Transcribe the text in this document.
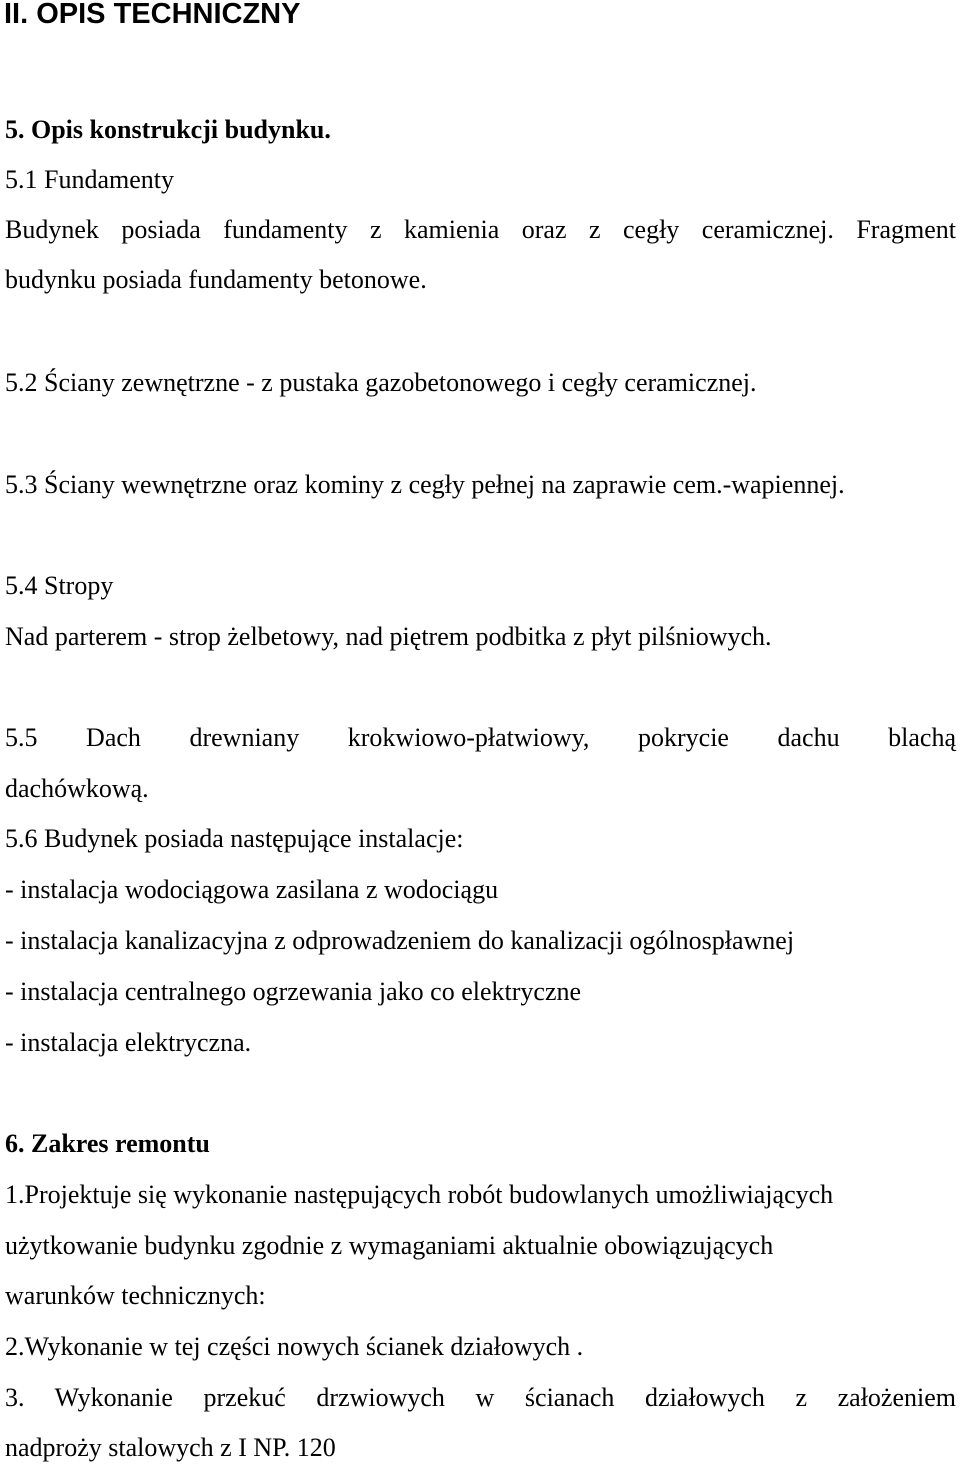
II. OPIS TECHNICZNY
5. Opis konstrukcji budynku.
5.1 Fundamenty
Budynek posiada fundamenty z kamienia oraz z cegły ceramicznej. Fragment
budynku posiada fundamenty betonowe.
5.2 Ściany zewnętrzne - z pustaka gazobetonowego i cegły ceramicznej.
5.3 Ściany wewnętrzne oraz kominy z cegły pełnej na zaprawie cem.-wapiennej.
5.4 Stropy
Nad parterem - strop żelbetowy, nad piętrem podbitka z płyt pilśniowych.
5.5 Dach drewniany krokwiowo-płatwiowy, pokrycie dachu blachą
dachówkową.
5.6 Budynek posiada następujące instalacje:
- instalacja wodociągowa zasilana z wodociągu
- instalacja kanalizacyjna z odprowadzeniem do kanalizacji ogólnospławnej
- instalacja centralnego ogrzewania jako co elektryczne
- instalacja elektryczna.
6. Zakres remontu
1.Projektuje się wykonanie następujących robót budowlanych umożliwiających
użytkowanie budynku zgodnie z wymaganiami aktualnie obowiązujących
warunków technicznych:
2.Wykonanie w tej części nowych ścianek działowych .
3. Wykonanie przekuć drzwiowych w ścianach działowych z założeniem
nadproży stalowych z I NP. 120
